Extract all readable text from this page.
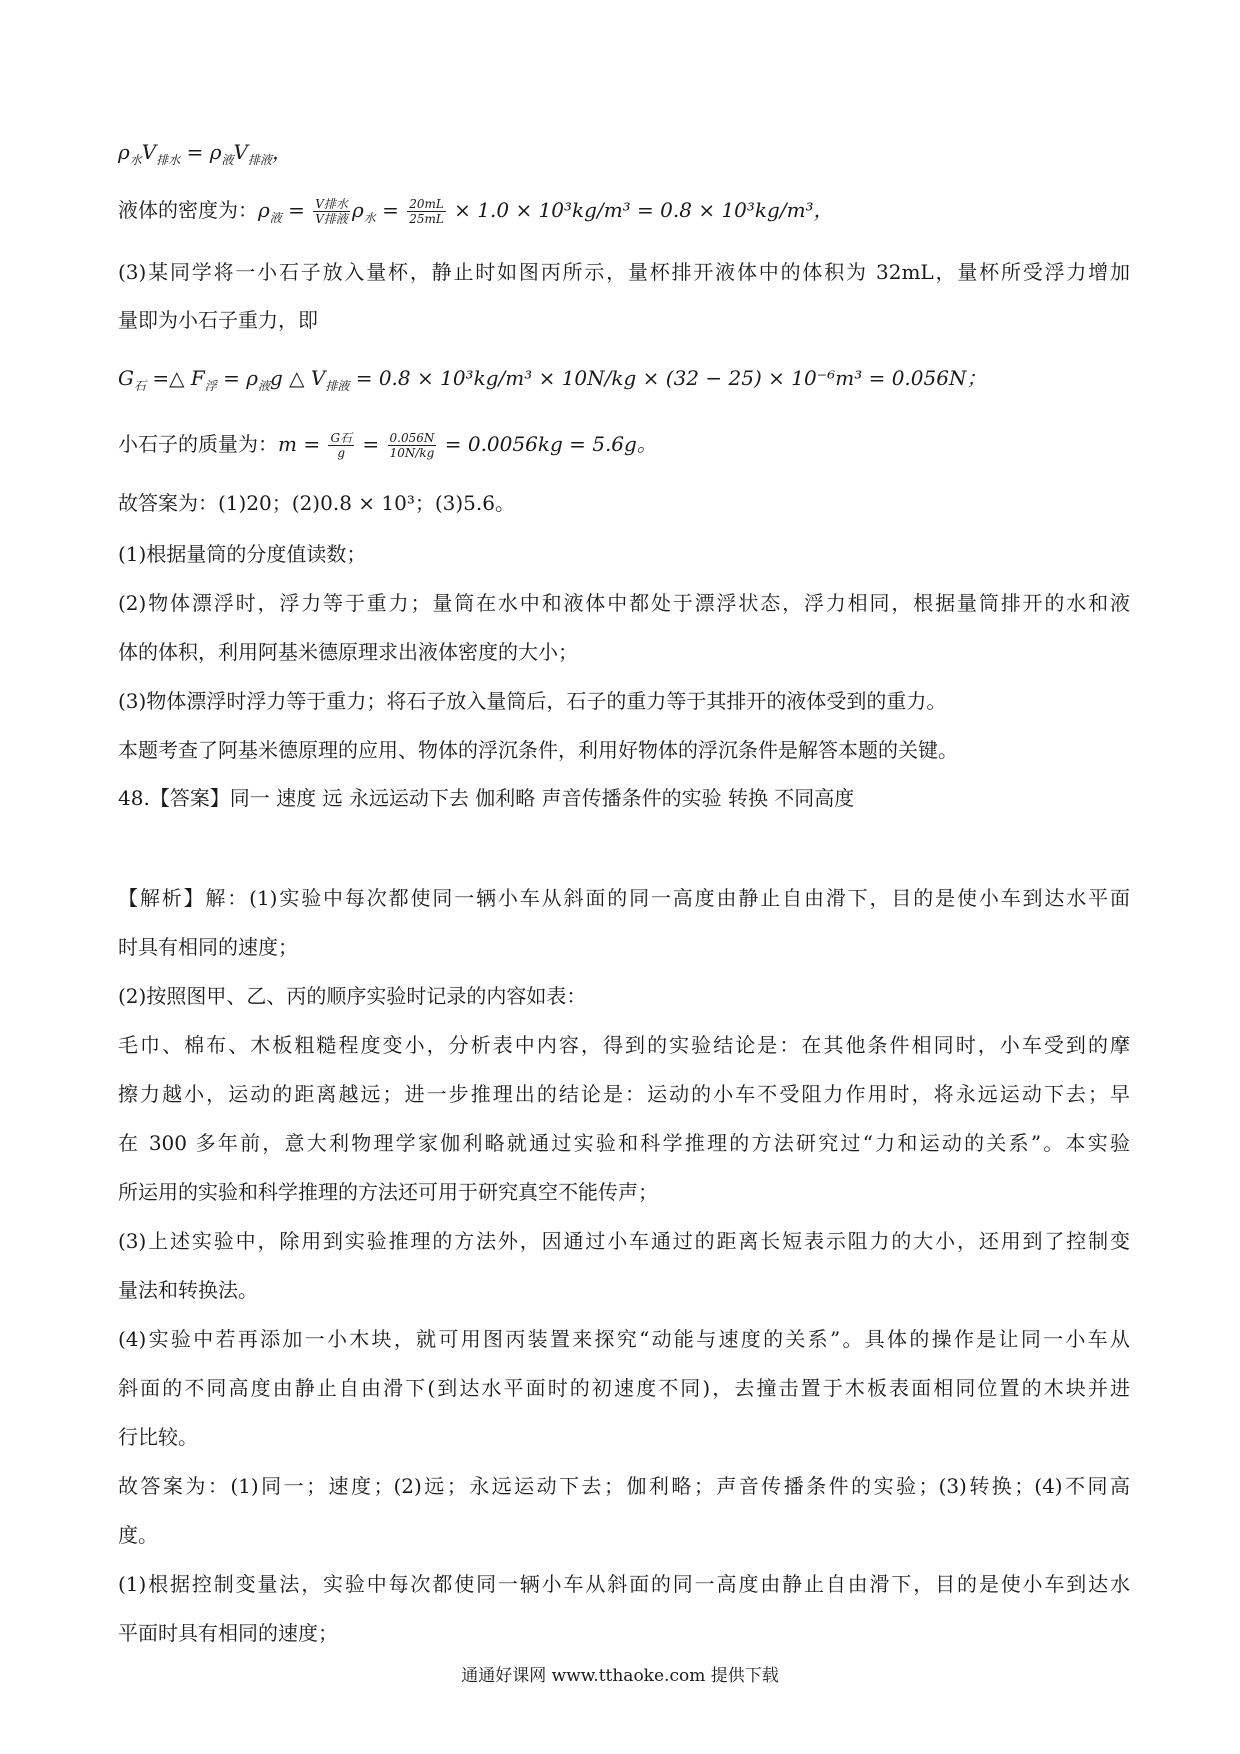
$\rho_水V_{排水} = \rho_液V_{排液}$，
液体的密度为：$\rho_液 = \frac{\text{V排水}}{\text{V排液}} \rho_水 = \frac{20mL}{25mL} \times 1.0 \times 10^3kg/m^3 = 0.8 \times 10^3kg/m^3$，
(3)某同学将一小石子放入量杯，静止时如图丙所示，量杯排开液体中的体积为 32mL，量杯所受浮力增加
量即为小石子重力，即
$G_石$ =△ $F_浮 = \rho_液g$ △ $V_{排液} = 0.8 \times 10^3kg/m^3 \times 10N/kg \times (32 - 25) \times 10^{-6}m^3 = 0.056N$；
小石子的质量为：$m = \frac{\text{G石}}{g} = \frac{0.056N}{10N/kg} = 0.0056kg = 5.6g$。
故答案为：(1)20；(2)0.8 × 10³；(3)5.6。
(1)根据量筒的分度值读数；
(2)物体漂浮时，浮力等于重力；量筒在水中和液体中都处于漂浮状态，浮力相同，根据量筒排开的水和液
体的体积，利用阿基米德原理求出液体密度的大小；
(3)物体漂浮时浮力等于重力；将石子放入量筒后，石子的重力等于其排开的液体受到的重力。
本题考查了阿基米德原理的应用、物体的浮沉条件，利用好物体的浮沉条件是解答本题的关键。
48.【答案】同一 速度 远 永远运动下去 伽利略 声音传播条件的实验 转换 不同高度
【解析】解：(1)实验中每次都使同一辆小车从斜面的同一高度由静止自由滑下，目的是使小车到达水平面
时具有相同的速度；
(2)按照图甲、乙、丙的顺序实验时记录的内容如表：
毛巾、棉布、木板粗糙程度变小，分析表中内容，得到的实验结论是：在其他条件相同时，小车受到的摩
擦力越小，运动的距离越远；进一步推理出的结论是：运动的小车不受阻力作用时，将永远运动下去；早
在 300 多年前，意大利物理学家伽利略就通过实验和科学推理的方法研究过“力和运动的关系”。本实验
所运用的实验和科学推理的方法还可用于研究真空不能传声；
(3)上述实验中，除用到实验推理的方法外，因通过小车通过的距离长短表示阻力的大小，还用到了控制变
量法和转换法。
(4)实验中若再添加一小木块，就可用图丙装置来探究“动能与速度的关系”。具体的操作是让同一小车从
斜面的不同高度由静止自由滑下(到达水平面时的初速度不同)，去撞击置于木板表面相同位置的木块并进
行比较。
故答案为：(1)同一；速度；(2)远；永远运动下去；伽利略；声音传播条件的实验；(3)转换；(4)不同高
度。
(1)根据控制变量法，实验中每次都使同一辆小车从斜面的同一高度由静止自由滑下，目的是使小车到达水
平面时具有相同的速度；
通通好课网 www.tthaoke.com 提供下载
